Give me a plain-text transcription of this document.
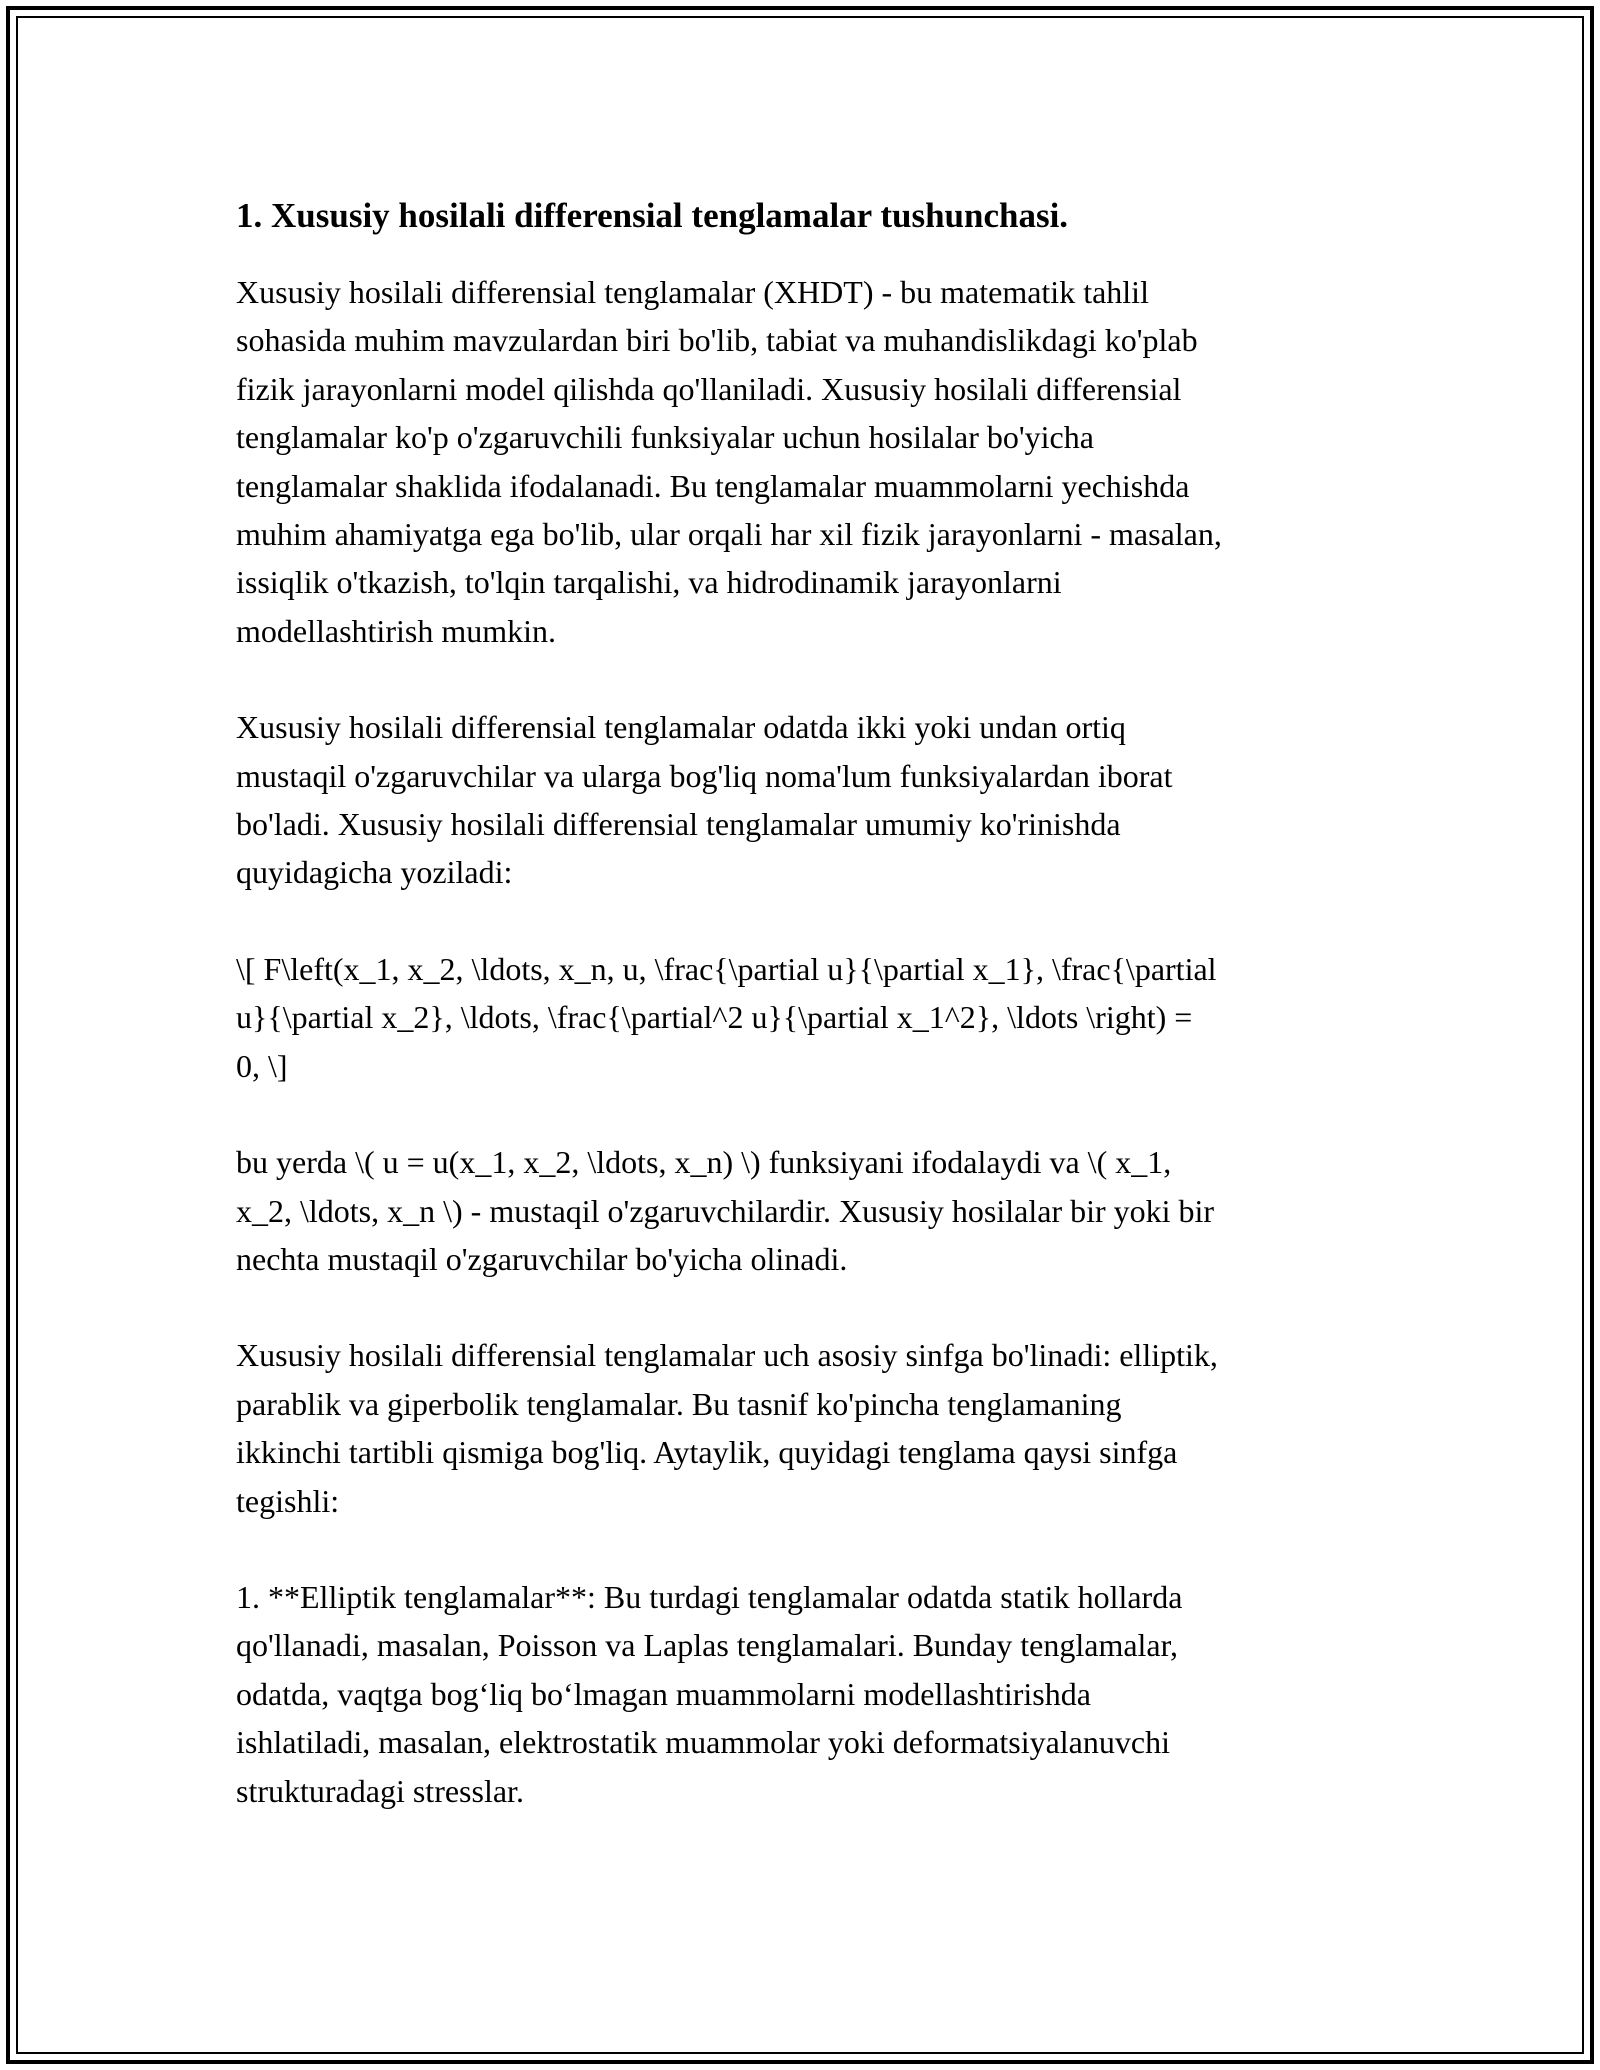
1. Xususiy hosilali differensial tenglamalar tushunchasi.

Xususiy hosilali differensial tenglamalar (XHDT) - bu matematik tahlil
sohasida muhim mavzulardan biri bo'lib, tabiat va muhandislikdagi ko'plab
fizik jarayonlarni model qilishda qo'llaniladi. Xususiy hosilali differensial
tenglamalar ko'p o'zgaruvchili funksiyalar uchun hosilalar bo'yicha
tenglamalar shaklida ifodalanadi. Bu tenglamalar muammolarni yechishda
muhim ahamiyatga ega bo'lib, ular orqali har xil fizik jarayonlarni - masalan,
issiqlik o'tkazish, to'lqin tarqalishi, va hidrodinamik jarayonlarni
modellashtirish mumkin.

Xususiy hosilali differensial tenglamalar odatda ikki yoki undan ortiq
mustaqil o'zgaruvchilar va ularga bog'liq noma'lum funksiyalardan iborat
bo'ladi. Xususiy hosilali differensial tenglamalar umumiy ko'rinishda
quyidagicha yoziladi:

\[ F\left(x_1, x_2, \ldots, x_n, u, \frac{\partial u}{\partial x_1}, \frac{\partial
u}{\partial x_2}, \ldots, \frac{\partial^2 u}{\partial x_1^2}, \ldots \right) =
0, \]

bu yerda \( u = u(x_1, x_2, \ldots, x_n) \) funksiyani ifodalaydi va \( x_1,
x_2, \ldots, x_n \) - mustaqil o'zgaruvchilardir. Xususiy hosilalar bir yoki bir
nechta mustaqil o'zgaruvchilar bo'yicha olinadi.

Xususiy hosilali differensial tenglamalar uch asosiy sinfga bo'linadi: elliptik,
parablik va giperbolik tenglamalar. Bu tasnif ko'pincha tenglamaning
ikkinchi tartibli qismiga bog'liq. Aytaylik, quyidagi tenglama qaysi sinfga
tegishli:

1. **Elliptik tenglamalar**: Bu turdagi tenglamalar odatda statik hollarda
qo'llanadi, masalan, Poisson va Laplas tenglamalari. Bunday tenglamalar,
odatda, vaqtga bog‘liq bo‘lmagan muammolarni modellashtirishda
ishlatiladi, masalan, elektrostatik muammolar yoki deformatsiyalanuvchi
strukturadagi stresslar.
